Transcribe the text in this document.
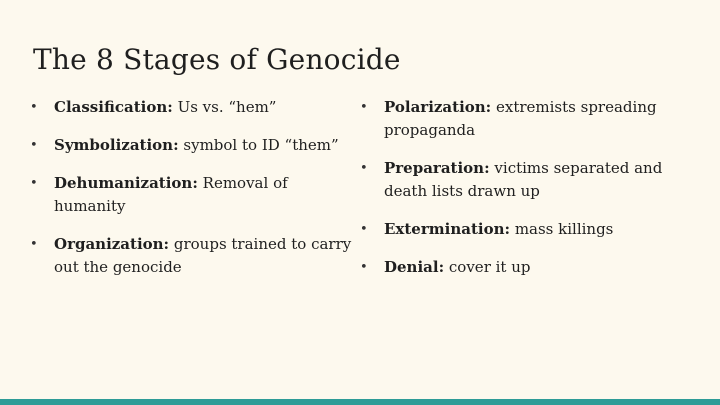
The 8 Stages of Genocide
•	Classification: Us vs. “hem”
•	Symbolization: symbol to ID “them”
•	Dehumanization: Removal of humanity
•	Organization: groups trained to carry out the genocide
•	Polarization: extremists spreading propaganda
•	Preparation: victims separated and death lists drawn up
•	Extermination: mass killings
•	Denial: cover it up
